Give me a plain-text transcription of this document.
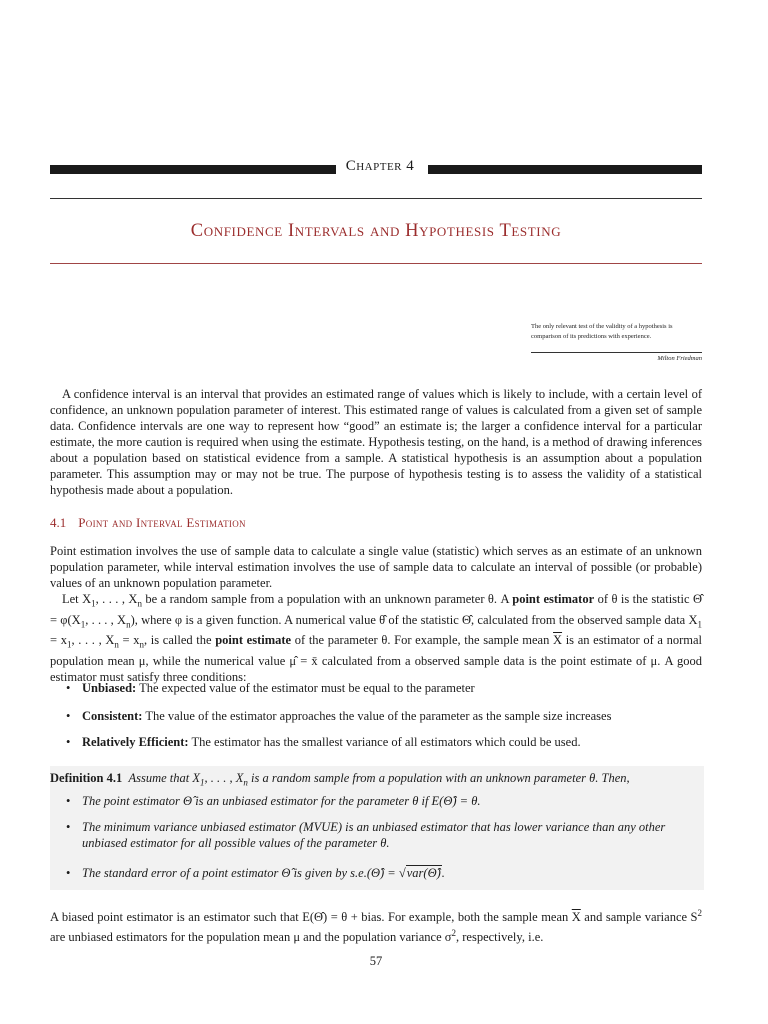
Chapter 4
Confidence Intervals and Hypothesis Testing
The only relevant test of the validity of a hypothesis is comparison of its predictions with experience.
Milton Friedman
A confidence interval is an interval that provides an estimated range of values which is likely to include, with a certain level of confidence, an unknown population parameter of interest. This estimated range of values is calculated from a given set of sample data. Confidence intervals are one way to represent how “good” an estimate is; the larger a confidence interval for a particular estimate, the more caution is required when using the estimate. Hypothesis testing, on the hand, is a method of drawing inferences about a population based on statistical evidence from a sample. A statistical hypothesis is an assumption about a population parameter. This assumption may or may not be true. The purpose of hypothesis testing is to assess the validity of a statistical hypothesis made about a population.
4.1 Point and Interval Estimation
Point estimation involves the use of sample data to calculate a single value (statistic) which serves as an estimate of an unknown population parameter, while interval estimation involves the use of sample data to calculate an interval of possible (or probable) values of an unknown population parameter.
Let $X_1$, . . . , $X_n$ be a random sample from a population with an unknown parameter θ. A point estimator of θ is the statistic Θ̂ = $\varphi(X_1$, . . . , $X_n$), where φ is a given function. A numerical value θ̂ of the statistic Θ̂, calculated from the observed sample data $X_1 = x_1$, . . . , $X_n = x_n$, is called the point estimate of the parameter θ. For example, the sample mean $\overline{X}$ is an estimator of a normal population mean μ, while the numerical value μ̂ = x̄ calculated from a observed sample data is the point estimate of μ. A good estimator must satisfy three conditions:
• Unbiased: The expected value of the estimator must be equal to the parameter
• Consistent: The value of the estimator approaches the value of the parameter as the sample size increases
• Relatively Efficient: The estimator has the smallest variance of all estimators which could be used.
Definition 4.1 Assume that $X_1$, . . . , $X_n$ is a random sample from a population with an unknown parameter θ. Then,
• The point estimator Θ̂ is an unbiased estimator for the parameter θ if E(Θ̂) = θ.
• The minimum variance unbiased estimator (MVUE) is an unbiased estimator that has lower variance than any other unbiased estimator for all possible values of the parameter θ.
• The standard error of a point estimator Θ̂ is given by s.e.(Θ̂) = √var(Θ̂).
A biased point estimator is an estimator such that E(Θ̂) = θ + bias. For example, both the sample mean $\overline{X}$ and sample variance $S^2$ are unbiased estimators for the population mean μ and the population variance $\sigma^2$, respectively, i.e.
57
